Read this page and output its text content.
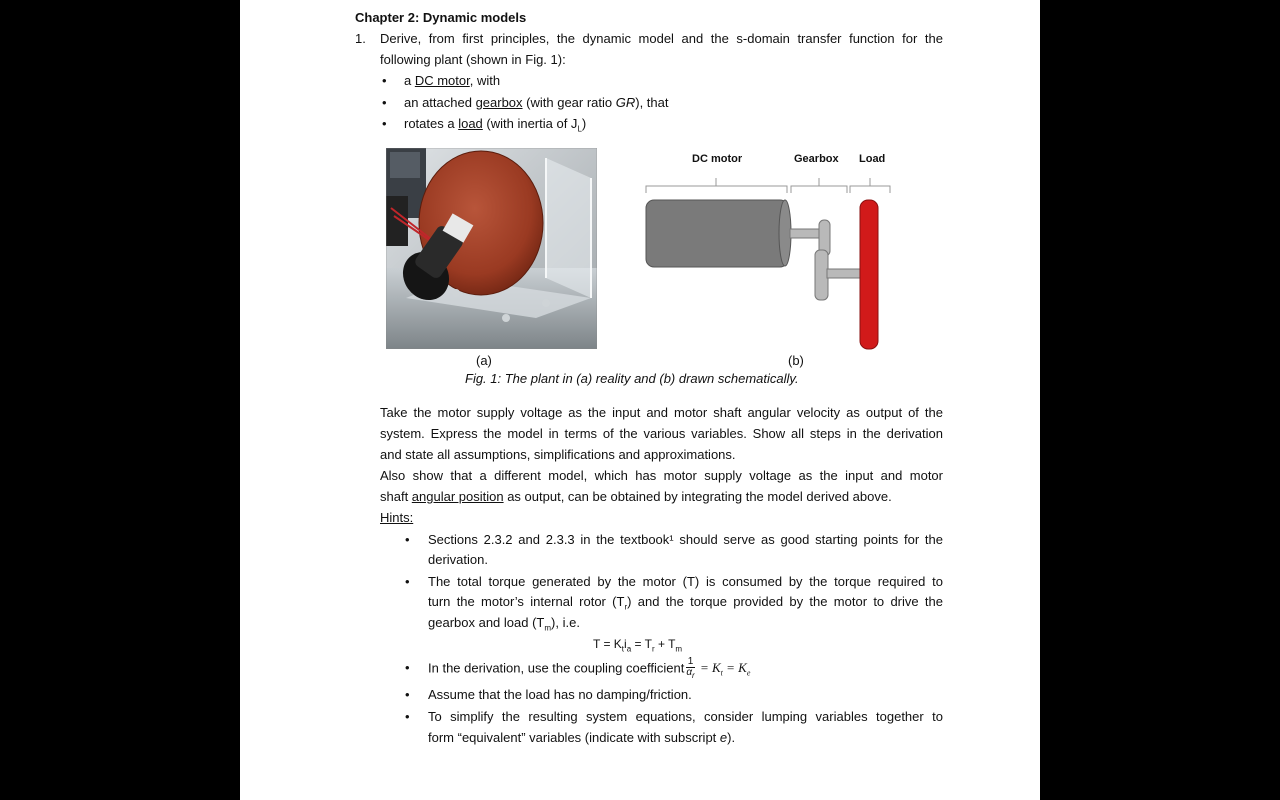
Chapter 2: Dynamic models
1. Derive, from first principles, the dynamic model and the s-domain transfer function for the
following plant (shown in Fig. 1):
• a DC motor, with
• an attached gearbox (with gear ratio GR), that
• rotates a load (with inertia of $J_L$)
DC motor	Gearbox Load
(a)	(b)
Fig. 1: The plant in (a) reality and (b) drawn schematically.
Take the motor supply voltage as the input and motor shaft angular velocity as output of the
system. Express the model in terms of the various variables. Show all steps in the derivation
and state all assumptions, simplifications and approximations.
Also show that a different model, which has motor supply voltage as the input and motor
shaft angular position as output, can be obtained by integrating the model derived above.
Hints:
• Sections 2.3.2 and 2.3.3 in the textbook¹ should serve as good starting points for the
derivation.
• The total torque generated by the motor (T) is consumed by the torque required to
turn the motor’s internal rotor $(T_r)$ and the torque provided by the motor to drive the
gearbox and load $(T_m)$, i.e.
$T = K_ti_a = T_r + T_m$
• In the derivation, use the coupling coefficient $\frac{1}{\alpha_r} = K_t = K_e$
• Assume that the load has no damping/friction.
• To simplify the resulting system equations, consider lumping variables together to
form “equivalent” variables (indicate with subscript e).
